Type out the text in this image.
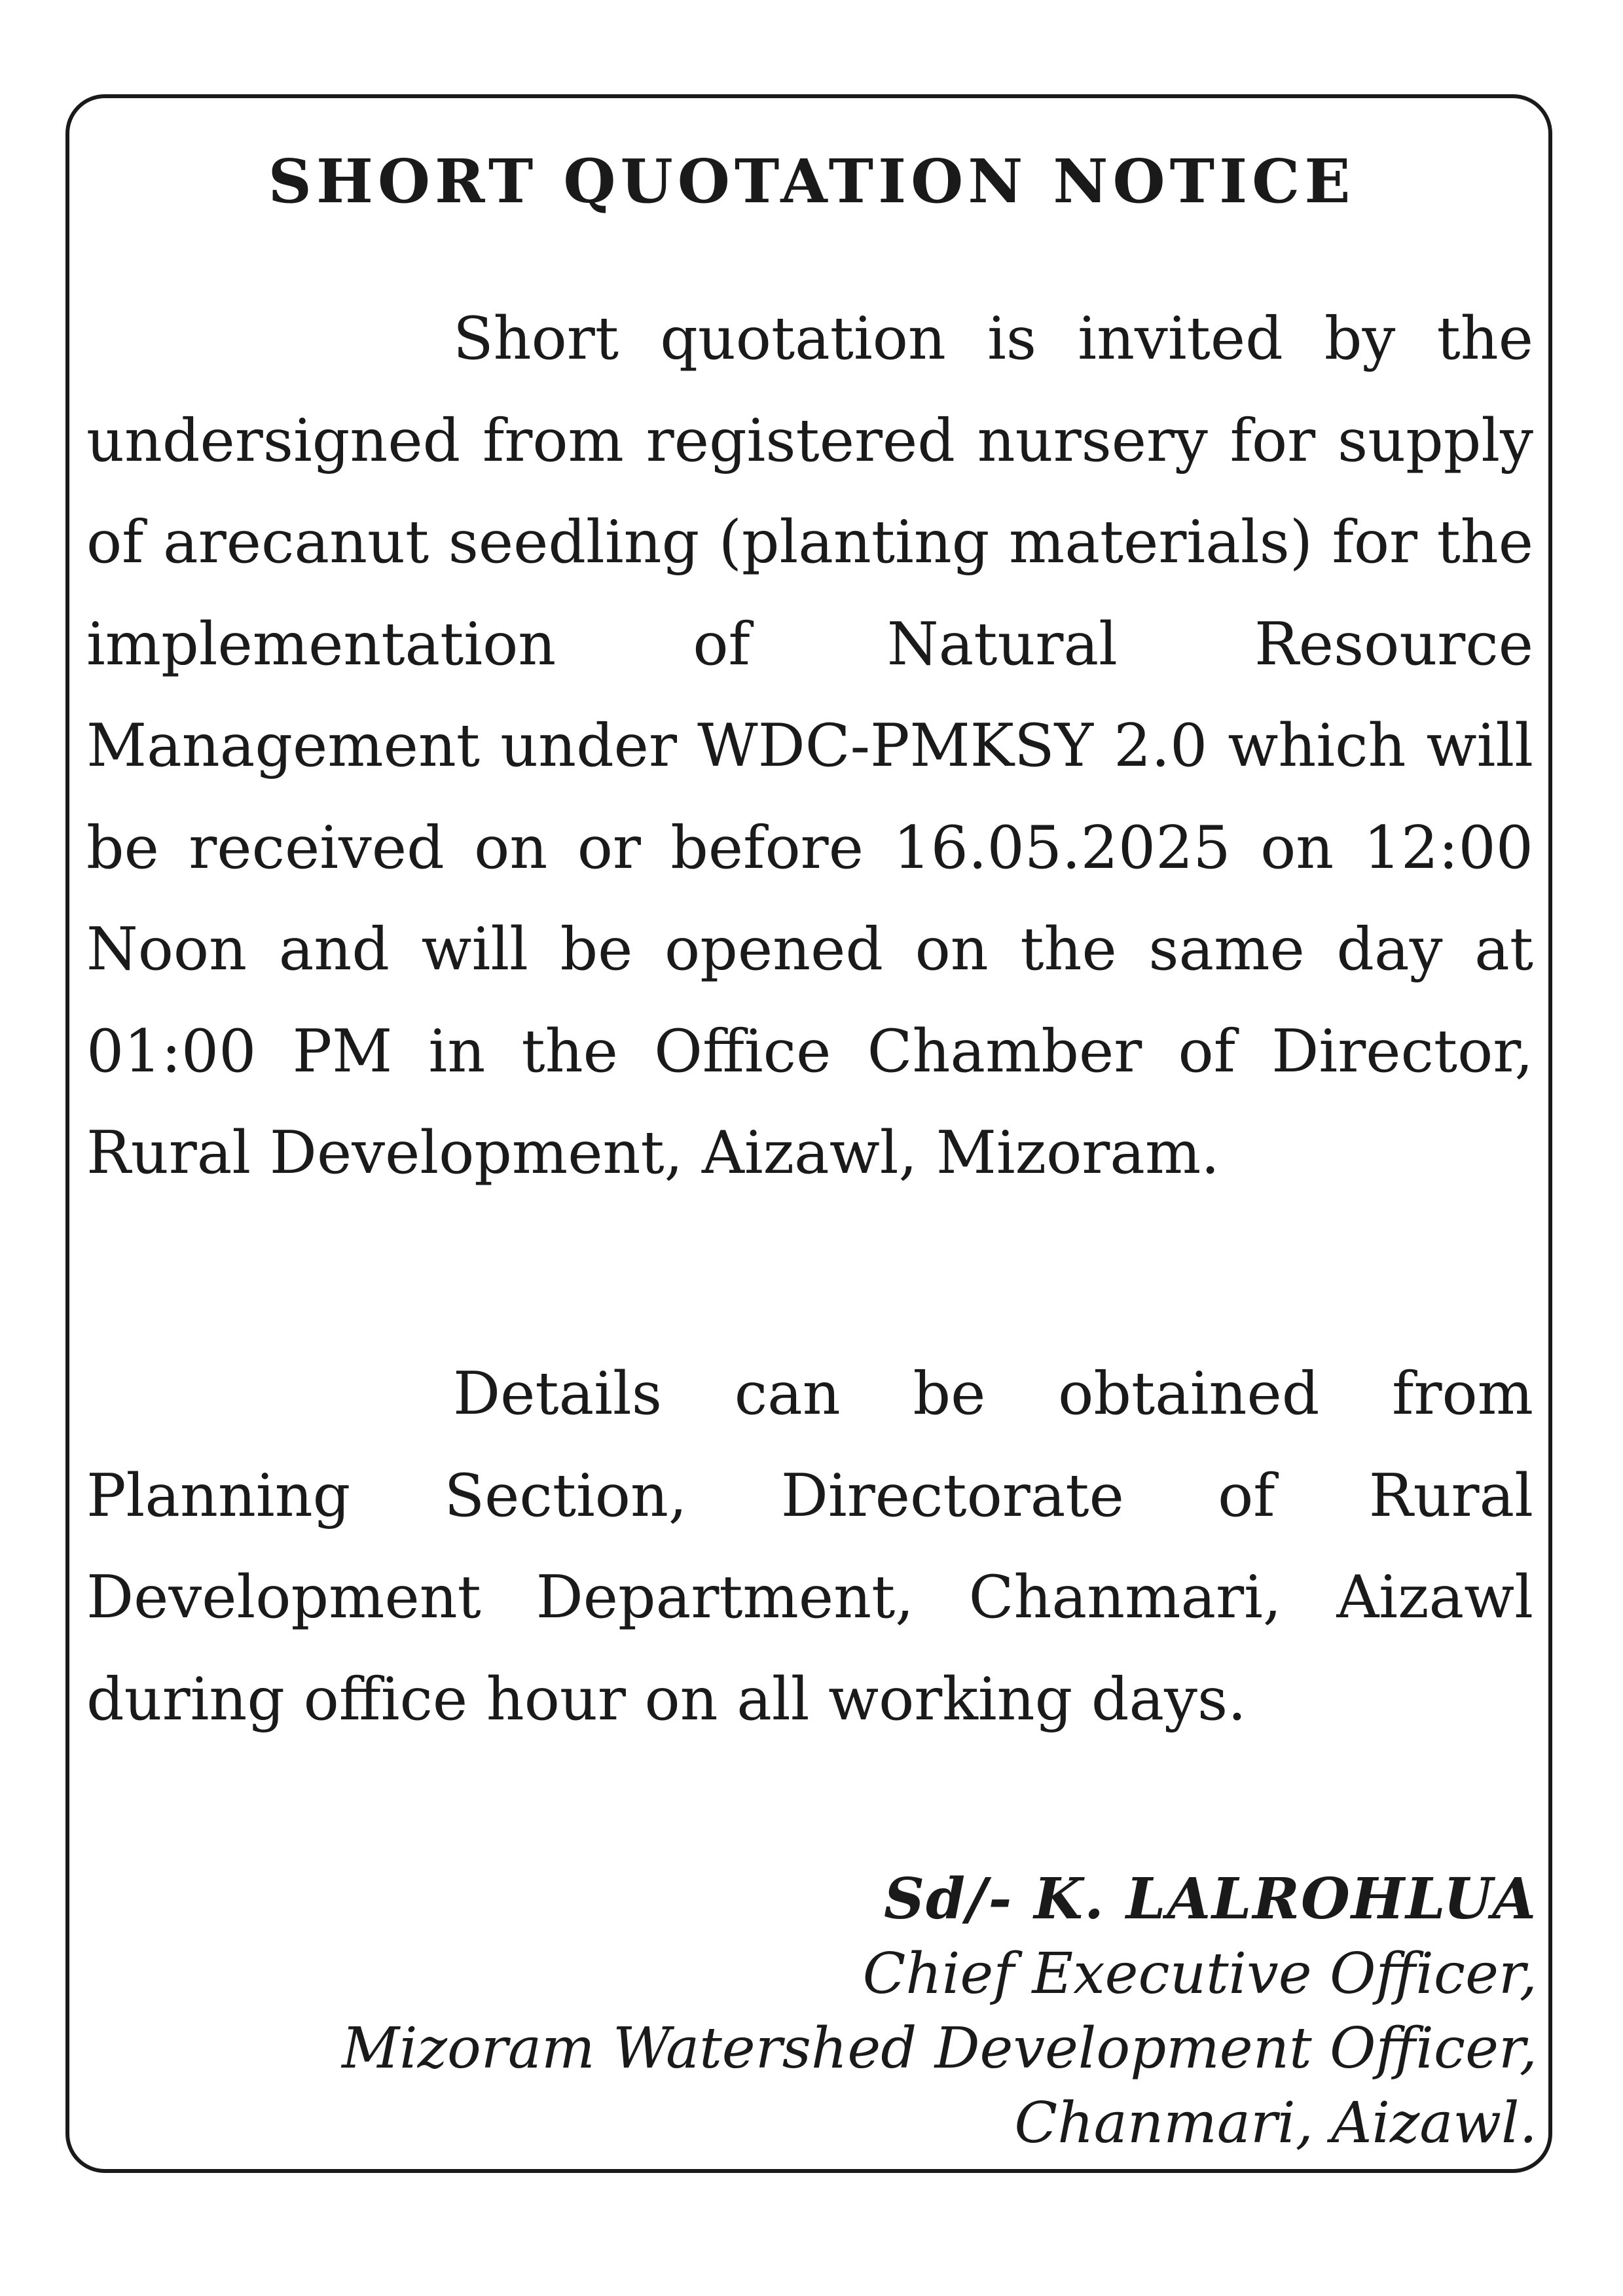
SHORT QUOTATION NOTICE

Short quotation is invited by the undersigned from registered nursery for supply of arecanut seedling (planting materials) for the implementation of Natural Resource Management under WDC-PMKSY 2.0 which will be received on or before 16.05.2025 on 12:00 Noon and will be opened on the same day at 01:00 PM in the Office Chamber of Director, Rural Development, Aizawl, Mizoram.

Details can be obtained from Planning Section, Directorate of Rural Development Department, Chanmari, Aizawl during office hour on all working days.

Sd/- K. LALROHLUA
Chief Executive Officer,
Mizoram Watershed Development Officer,
Chanmari, Aizawl.
